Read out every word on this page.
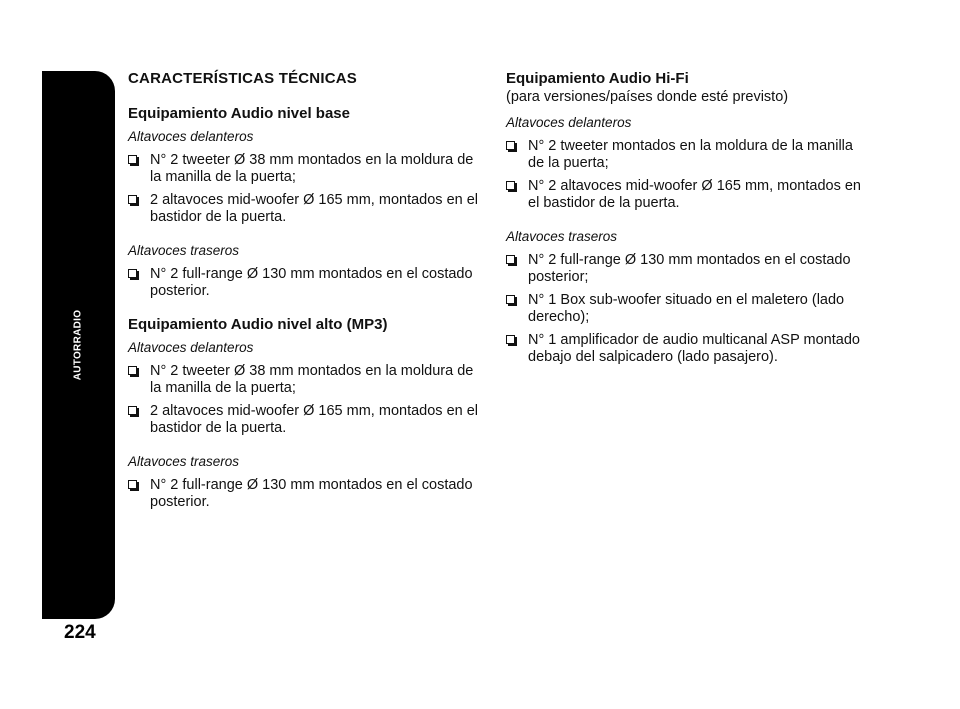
AUTORRADIO
224
CARACTERÍSTICAS TÉCNICAS
Equipamiento Audio nivel base
Altavoces delanteros
N° 2 tweeter Ø 38 mm montados en la moldura de la manilla de la puerta;
2 altavoces mid-woofer Ø 165 mm, montados en el bastidor de la puerta.
Altavoces traseros
N° 2 full-range Ø 130 mm montados en el costado posterior.
Equipamiento Audio nivel alto (MP3)
Altavoces delanteros
N° 2 tweeter Ø 38 mm montados en la moldura de la manilla de la puerta;
2 altavoces mid-woofer Ø 165 mm, montados en el bastidor de la puerta.
Altavoces traseros
N° 2 full-range Ø 130 mm montados en el costado posterior.
Equipamiento Audio Hi-Fi
(para versiones/países donde esté previsto)
Altavoces delanteros
N° 2 tweeter montados en la moldura de la manilla de la puerta;
N° 2 altavoces mid-woofer Ø 165 mm, montados en el bastidor de la puerta.
Altavoces traseros
N° 2 full-range Ø 130 mm montados en el costado posterior;
N° 1 Box sub-woofer situado en el maletero (lado derecho);
N° 1 amplificador de audio multicanal ASP montado debajo del salpicadero (lado pasajero).
